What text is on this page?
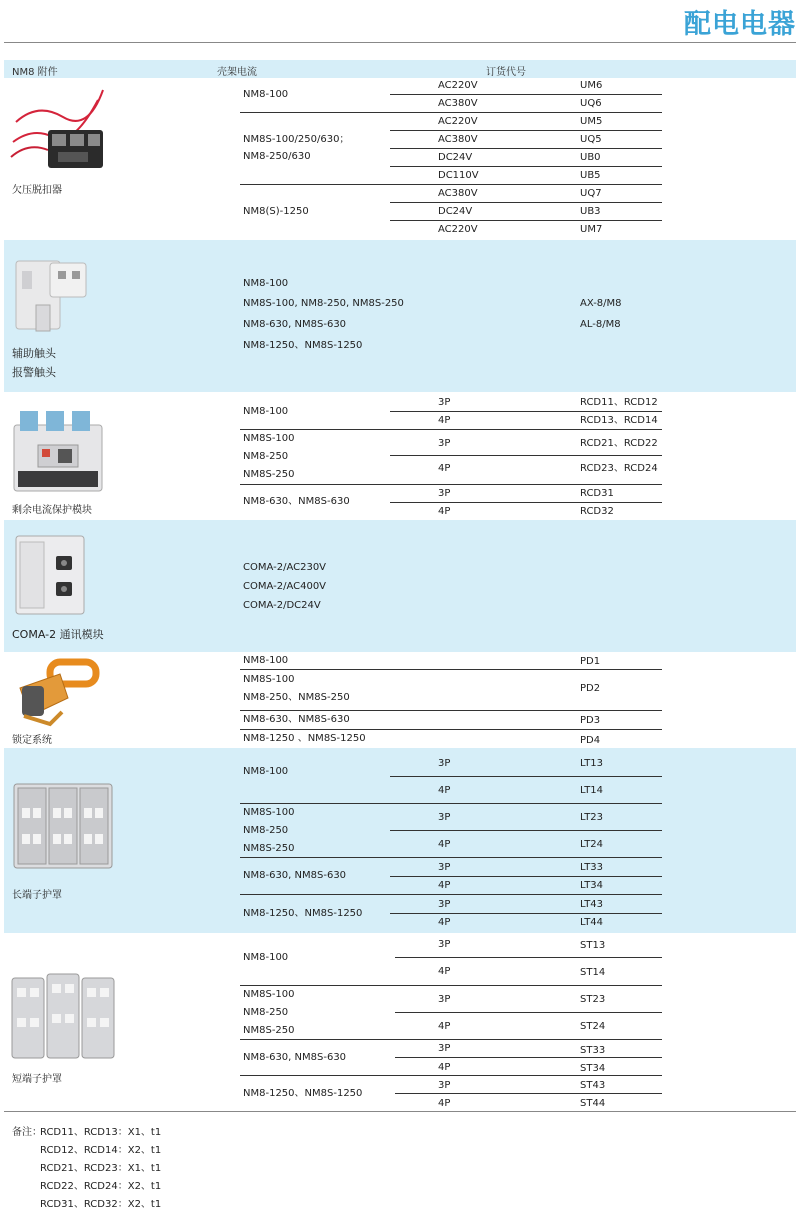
配电电器
NM8 附件	壳架电流	订货代号
欠压脱扣器
NM8-100
NM8S-100/250/630；
NM8-250/630
NM8(S)-1250
AC220V
AC380V
AC220V
AC380V
DC24V
DC110V
AC380V
DC24V
AC220V
UM6
UQ6
UM5
UQ5
UB0
UB5
UQ7
UB3
UM7
辅助触头
报警触头
NM8-100
NM8S-100, NM8-250, NM8S-250
NM8-630, NM8S-630
NM8-1250、NM8S-1250
AX-8/M8
AL-8/M8
剩余电流保护模块
NM8-100
NM8S-100
NM8-250
NM8S-250
NM8-630、NM8S-630
3P
4P
3P
4P
3P
4P
RCD11、RCD12
RCD13、RCD14
RCD21、RCD22
RCD23、RCD24
RCD31
RCD32
COMA-2 通讯模块
COMA-2/AC230V
COMA-2/AC400V
COMA-2/DC24V
锁定系统
NM8-100
NM8S-100
NM8-250、NM8S-250
NM8-630、NM8S-630
NM8-1250 、NM8S-1250
PD1
PD2
PD3
PD4
长端子护罩
NM8-100
NM8S-100
NM8-250
NM8S-250
NM8-630, NM8S-630
NM8-1250、NM8S-1250
3P
4P
3P
4P
3P
4P
3P
4P
LT13
LT14
LT23
LT24
LT33
LT34
LT43
LT44
短端子护罩
NM8-100
NM8S-100
NM8-250
NM8S-250
NM8-630, NM8S-630
NM8-1250、NM8S-1250
3P
4P
3P
4P
3P
4P
3P
4P
ST13
ST14
ST23
ST24
ST33
ST34
ST43
ST44
备注：
RCD11、RCD13：X1、t1
RCD12、RCD14：X2、t1
RCD21、RCD23：X1、t1
RCD22、RCD24：X2、t1
RCD31、RCD32：X2、t1
